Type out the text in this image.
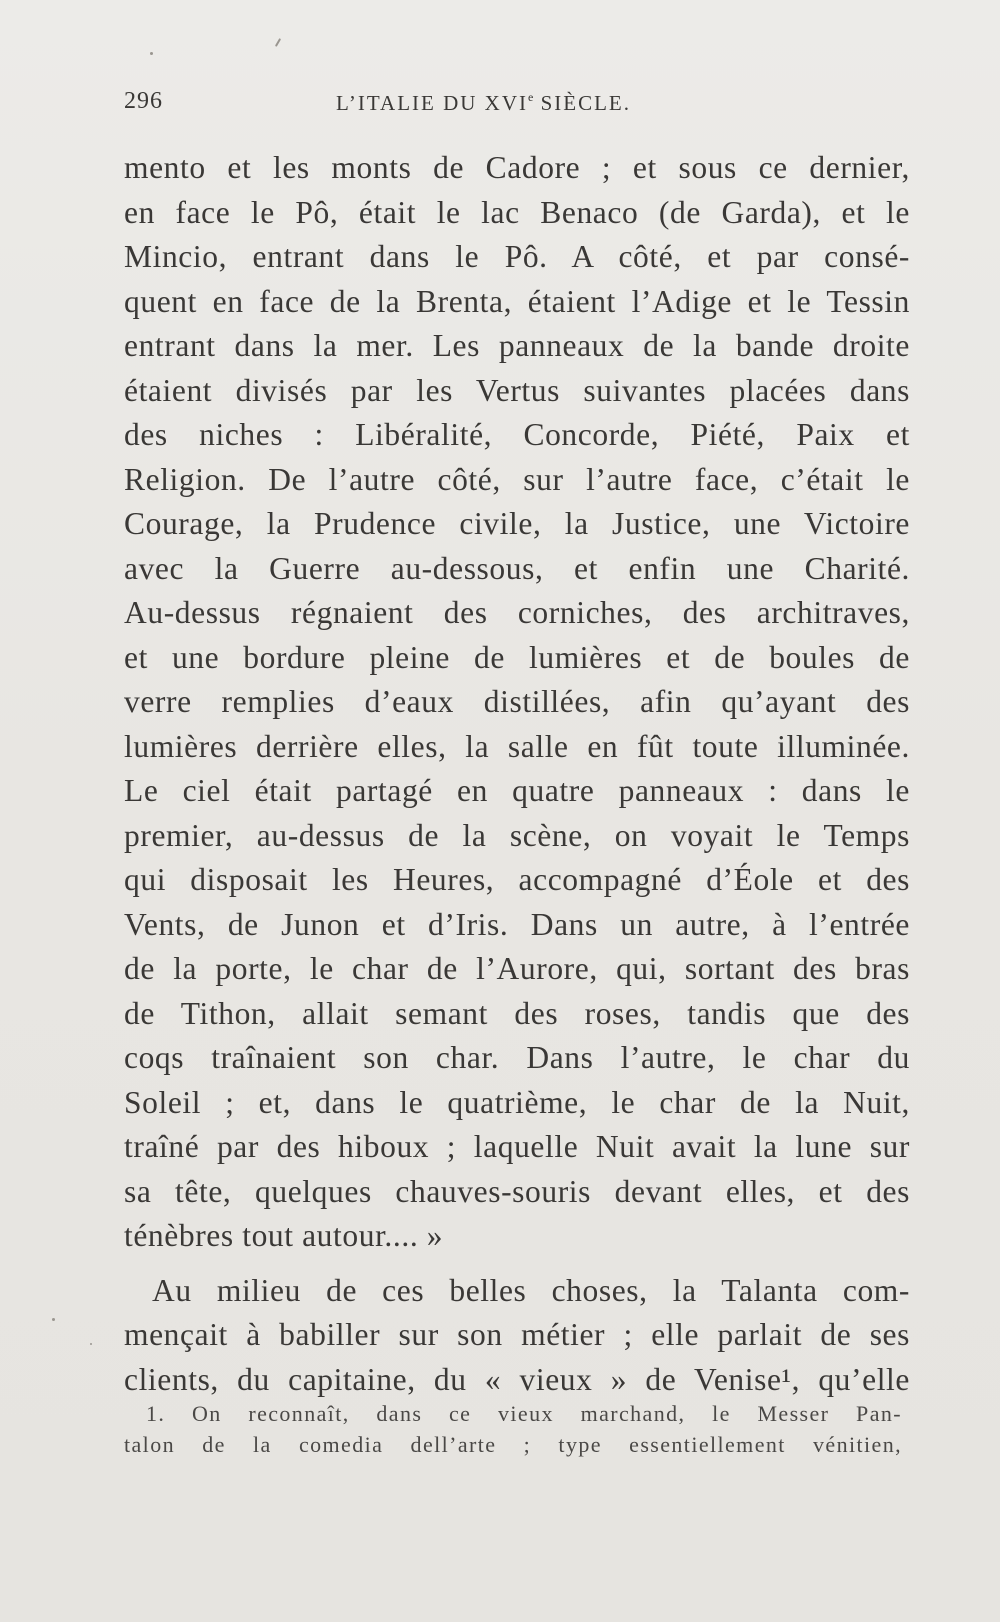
296	L’ITALIE DU XVIe SIÈCLE.
mento et les monts de Cadore ; et sous ce dernier,
en face le Pô, était le lac Benaco (de Garda), et le
Mincio, entrant dans le Pô. A côté, et par consé-
quent en face de la Brenta, étaient l’Adige et le Tessin
entrant dans la mer. Les panneaux de la bande droite
étaient divisés par les Vertus suivantes placées dans
des niches : Libéralité, Concorde, Piété, Paix et
Religion. De l’autre côté, sur l’autre face, c’était le
Courage, la Prudence civile, la Justice, une Victoire
avec la Guerre au-dessous, et enfin une Charité.
Au-dessus régnaient des corniches, des architraves,
et une bordure pleine de lumières et de boules de
verre remplies d’eaux distillées, afin qu’ayant des
lumières derrière elles, la salle en fût toute illuminée.
Le ciel était partagé en quatre panneaux : dans le
premier, au-dessus de la scène, on voyait le Temps
qui disposait les Heures, accompagné d’Éole et des
Vents, de Junon et d’Iris. Dans un autre, à l’entrée
de la porte, le char de l’Aurore, qui, sortant des bras
de Tithon, allait semant des roses, tandis que des
coqs traînaient son char. Dans l’autre, le char du
Soleil ; et, dans le quatrième, le char de la Nuit,
traîné par des hiboux ; laquelle Nuit avait la lune sur
sa tête, quelques chauves-souris devant elles, et des
ténèbres tout autour.... »
Au milieu de ces belles choses, la Talanta com-
mençait à babiller sur son métier ; elle parlait de ses
clients, du capitaine, du « vieux » de Venise¹, qu’elle
1. On reconnaît, dans ce vieux marchand, le Messer Pan-
talon de la comedia dell’arte ; type essentiellement vénitien,
